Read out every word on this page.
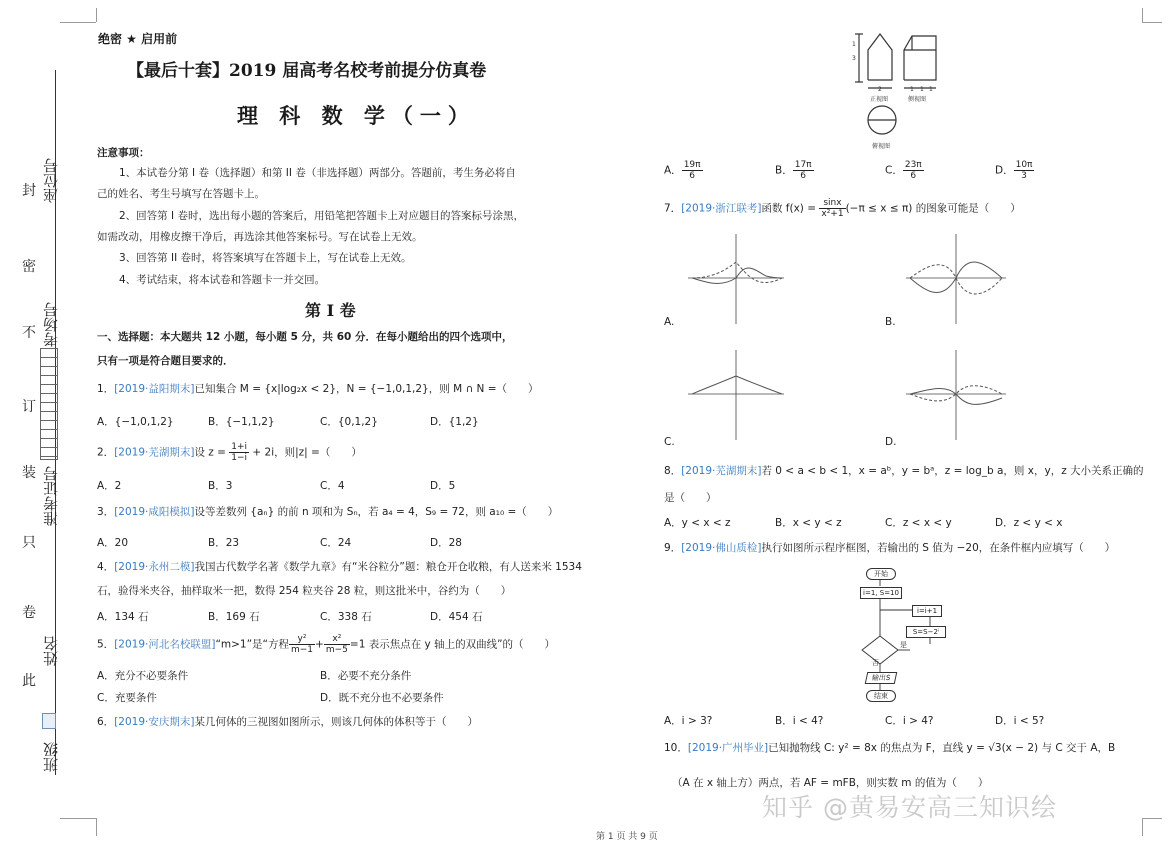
封 座位号
密
不 考场号
订
装 准考证号
只
卷
姓名
此
班级
绝密 ★ 启用前
【最后十套】2019 届高考名校考前提分仿真卷
理 科 数 学（一）
注意事项：
1、本试卷分第 I 卷（选择题）和第 II 卷（非选择题）两部分。答题前，考生务必将自
己的姓名、考生号填写在答题卡上。
2、回答第 I 卷时，选出每小题的答案后，用铅笔把答题卡上对应题目的答案标号涂黑，
如需改动，用橡皮擦干净后，再选涂其他答案标号。写在试卷上无效。
3、回答第 II 卷时，将答案填写在答题卡上，写在试卷上无效。
4、考试结束，将本试卷和答题卡一并交回。
第 I 卷
一、选择题：本大题共 12 小题，每小题 5 分，共 60 分．在每小题给出的四个选项中，
只有一项是符合题目要求的．
1．[2019·益阳期末]已知集合 M = {x|log₂x < 2}，N = {−1,0,1,2}，则 M ∩ N =（　　）
A．{−1,0,1,2}	B．{−1,1,2}	C．{0,1,2}	D．{1,2}
2．[2019·芜湖期末]设 $z = \frac{1+i}{1-i} + 2i$，则|z| =（　　）
A．2	B．3	C．4	D．5
3．[2019·咸阳模拟]设等差数列 {aₙ} 的前 n 项和为 Sₙ，若 a₄ = 4，S₉ = 72，则 a₁₀ =（　　）
A．20	B．23	C．24	D．28
4．[2019·永州二模]我国古代数学名著《数学九章》有“米谷粒分”题：粮仓开仓收粮，有人送来米 1534
石，验得米夹谷，抽样取米一把，数得 254 粒夹谷 28 粒，则这批米中，谷约为（　　）
A．134 石	B．169 石	C．338 石	D．454 石
5．[2019·河北名校联盟]“m>1”是“方程 $\frac{\text{y²}}{m-1} + \frac{\text{x²}}{m-5} =1$ 表示焦点在 y 轴上的双曲线”的（　　）
A．充分不必要条件	B．必要不充分条件
C．充要条件	D．既不充分也不必要条件
6．[2019·安庆期末]某几何体的三视图如图所示，则该几何体的体积等于（　　）
1
3
2	1 1 1
正视图	侧视图
俯视图
A． $\frac{19\pi}{6}$	B． $\frac{17\pi}{6}$	C． $\frac{23\pi}{6}$	D． $\frac{10\pi}{3}$
7．[2019·浙江联考]函数 $f(x) = \frac{\sin x}{\text{x²+1}} (-\pi \le x \le \pi)$ 的图象可能是（　　）
A.	B.
C.	D.
8．[2019·芜湖期末]若 0 < a < b < 1，x = aᵇ，y = bᵃ，z = log_b a，则 x，y，z 大小关系正确的
是（　　）
A．y < x < z	B．x < y < z	C．z < x < y	D．z < y < x
9．[2019·佛山质检]执行如图所示程序框图，若输出的 S 值为 −20，在条件框内应填写（　　）
开始
i=1, S=10
i=i+1
S=S−2ⁱ
是
否
输出S
结束
A．i > 3?	B．i < 4?	C．i > 4?	D．i < 5?
10．[2019·广州毕业]已知抛物线 C: y² = 8x 的焦点为 F，直线 y = √3(x − 2) 与 C 交于 A，B
（A 在 x 轴上方）两点，若 AF = mFB，则实数 m 的值为（　　）
知乎 @黄易安高三知识绘
第 1 页 共 9 页
